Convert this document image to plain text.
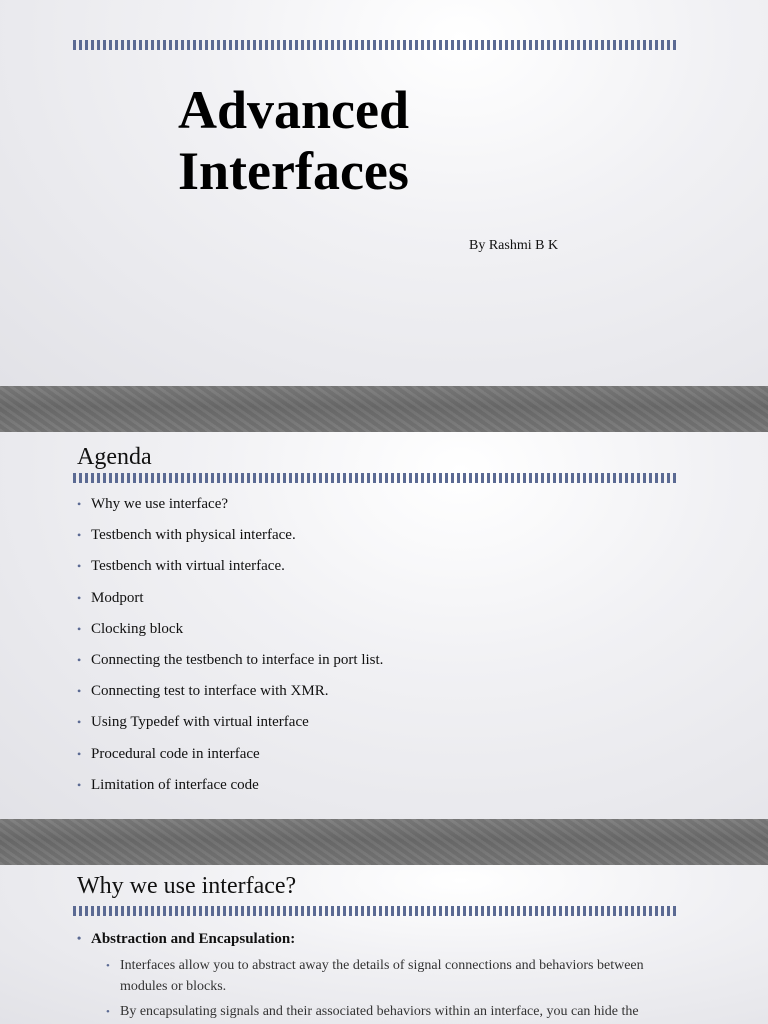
Advanced
Interfaces
By Rashmi B K
Agenda
• Why we use interface?
• Testbench with physical interface.
• Testbench with virtual interface.
• Modport
• Clocking block
• Connecting the testbench to interface in port list.
• Connecting test to interface with XMR.
• Using Typedef with virtual interface
• Procedural code in interface
• Limitation of interface code
Why we use interface?
• Abstraction and Encapsulation:
• Interfaces allow you to abstract away the details of signal connections and behaviors between modules or blocks.
• By encapsulating signals and their associated behaviors within an interface, you can hide the
